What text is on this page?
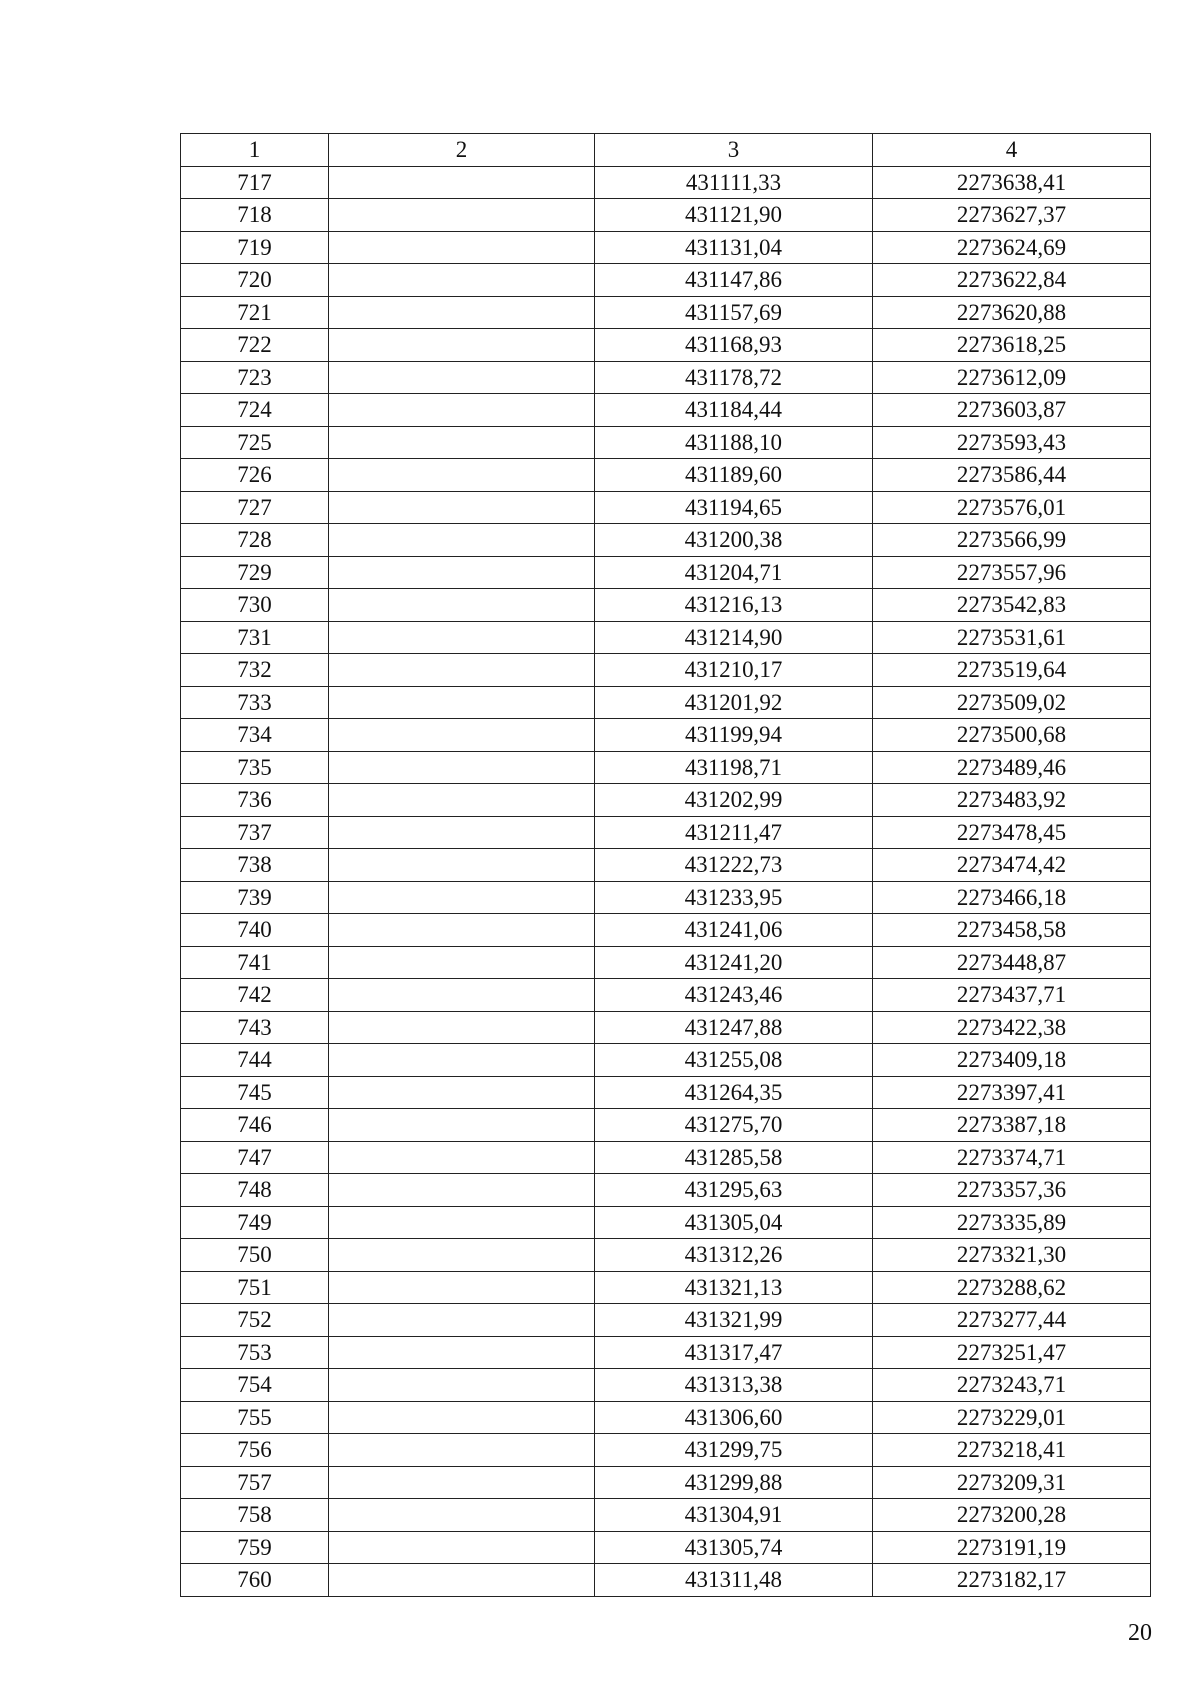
1	2	3	4
717		431111,33	2273638,41
718		431121,90	2273627,37
719		431131,04	2273624,69
720		431147,86	2273622,84
721		431157,69	2273620,88
722		431168,93	2273618,25
723		431178,72	2273612,09
724		431184,44	2273603,87
725		431188,10	2273593,43
726		431189,60	2273586,44
727		431194,65	2273576,01
728		431200,38	2273566,99
729		431204,71	2273557,96
730		431216,13	2273542,83
731		431214,90	2273531,61
732		431210,17	2273519,64
733		431201,92	2273509,02
734		431199,94	2273500,68
735		431198,71	2273489,46
736		431202,99	2273483,92
737		431211,47	2273478,45
738		431222,73	2273474,42
739		431233,95	2273466,18
740		431241,06	2273458,58
741		431241,20	2273448,87
742		431243,46	2273437,71
743		431247,88	2273422,38
744		431255,08	2273409,18
745		431264,35	2273397,41
746		431275,70	2273387,18
747		431285,58	2273374,71
748		431295,63	2273357,36
749		431305,04	2273335,89
750		431312,26	2273321,30
751		431321,13	2273288,62
752		431321,99	2273277,44
753		431317,47	2273251,47
754		431313,38	2273243,71
755		431306,60	2273229,01
756		431299,75	2273218,41
757		431299,88	2273209,31
758		431304,91	2273200,28
759		431305,74	2273191,19
760		431311,48	2273182,17
20
